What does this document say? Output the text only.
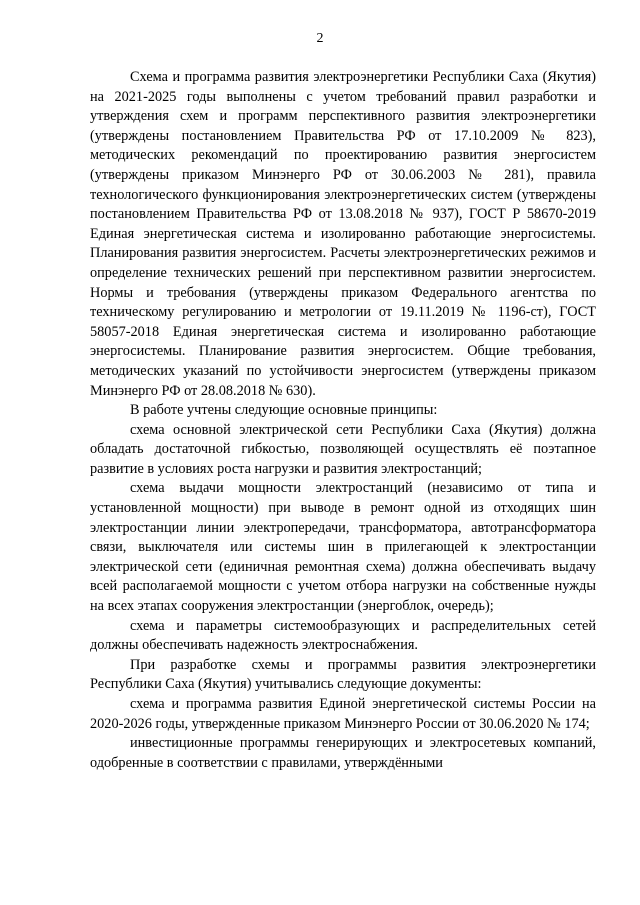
2

Схема и программа развития электроэнергетики Республики Саха (Якутия) на 2021-2025 годы выполнены с учетом требований правил разработки и утверждения схем и программ перспективного развития электроэнергетики (утверждены постановлением Правительства РФ от 17.10.2009 № 823), методических рекомендаций по проектированию развития энергосистем (утверждены приказом Минэнерго РФ от 30.06.2003 № 281), правила технологического функционирования электроэнергетических систем (утверждены постановлением Правительства РФ от 13.08.2018 № 937), ГОСТ Р 58670-2019 Единая энергетическая система и изолированно работающие энергосистемы. Планирования развития энергосистем. Расчеты электроэнергетических режимов и определение технических решений при перспективном развитии энергосистем. Нормы и требования (утверждены приказом Федерального агентства по техническому регулированию и метрологии от 19.11.2019 № 1196-ст), ГОСТ 58057-2018 Единая энергетическая система и изолированно работающие энергосистемы. Планирование развития энергосистем. Общие требования, методических указаний по устойчивости энергосистем (утверждены приказом Минэнерго РФ от 28.08.2018 № 630).

В работе учтены следующие основные принципы:

схема основной электрической сети Республики Саха (Якутия) должна обладать достаточной гибкостью, позволяющей осуществлять её поэтапное развитие в условиях роста нагрузки и развития электростанций;

схема выдачи мощности электростанций (независимо от типа и установленной мощности) при выводе в ремонт одной из отходящих шин электростанции линии электропередачи, трансформатора, автотрансформатора связи, выключателя или системы шин в прилегающей к электростанции электрической сети (единичная ремонтная схема) должна обеспечивать выдачу всей располагаемой мощности с учетом отбора нагрузки на собственные нужды на всех этапах сооружения электростанции (энергоблок, очередь);

схема и параметры системообразующих и распределительных сетей должны обеспечивать надежность электроснабжения.

При разработке схемы и программы развития электроэнергетики Республики Саха (Якутия) учитывались следующие документы:

схема и программа развития Единой энергетической системы России на 2020-2026 годы, утвержденные приказом Минэнерго России от 30.06.2020 № 174;

инвестиционные программы генерирующих и электросетевых компаний, одобренные в соответствии с правилами, утверждёнными
